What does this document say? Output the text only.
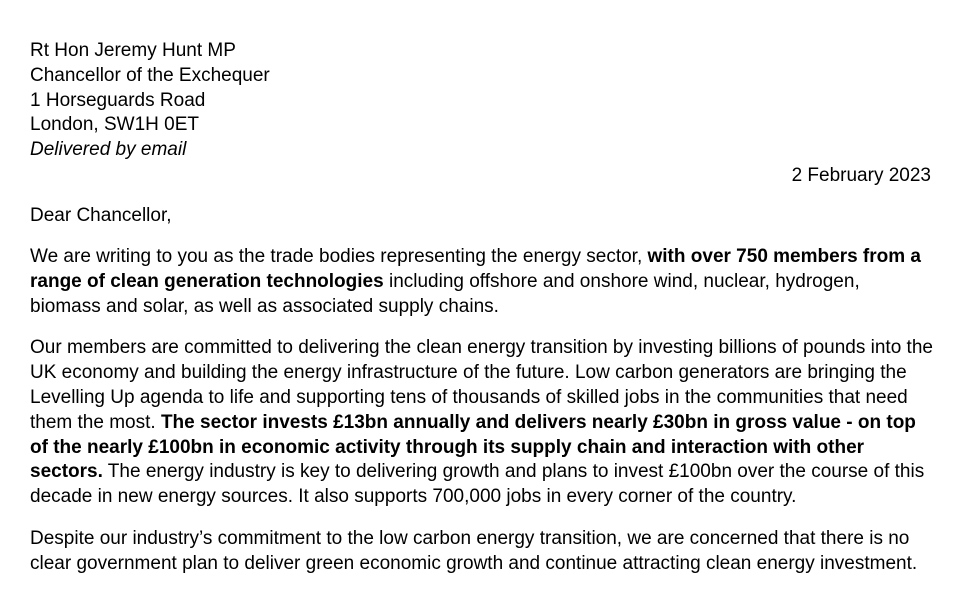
Rt Hon Jeremy Hunt MP
Chancellor of the Exchequer
1 Horseguards Road
London, SW1H 0ET
Delivered by email
2 February 2023
Dear Chancellor,

We are writing to you as the trade bodies representing the energy sector, with over 750 members from a range of clean generation technologies including offshore and onshore wind, nuclear, hydrogen, biomass and solar, as well as associated supply chains.

Our members are committed to delivering the clean energy transition by investing billions of pounds into the UK economy and building the energy infrastructure of the future. Low carbon generators are bringing the Levelling Up agenda to life and supporting tens of thousands of skilled jobs in the communities that need them the most. The sector invests £13bn annually and delivers nearly £30bn in gross value - on top of the nearly £100bn in economic activity through its supply chain and interaction with other sectors. The energy industry is key to delivering growth and plans to invest £100bn over the course of this decade in new energy sources. It also supports 700,000 jobs in every corner of the country.

Despite our industry’s commitment to the low carbon energy transition, we are concerned that there is no clear government plan to deliver green economic growth and continue attracting clean energy investment.
